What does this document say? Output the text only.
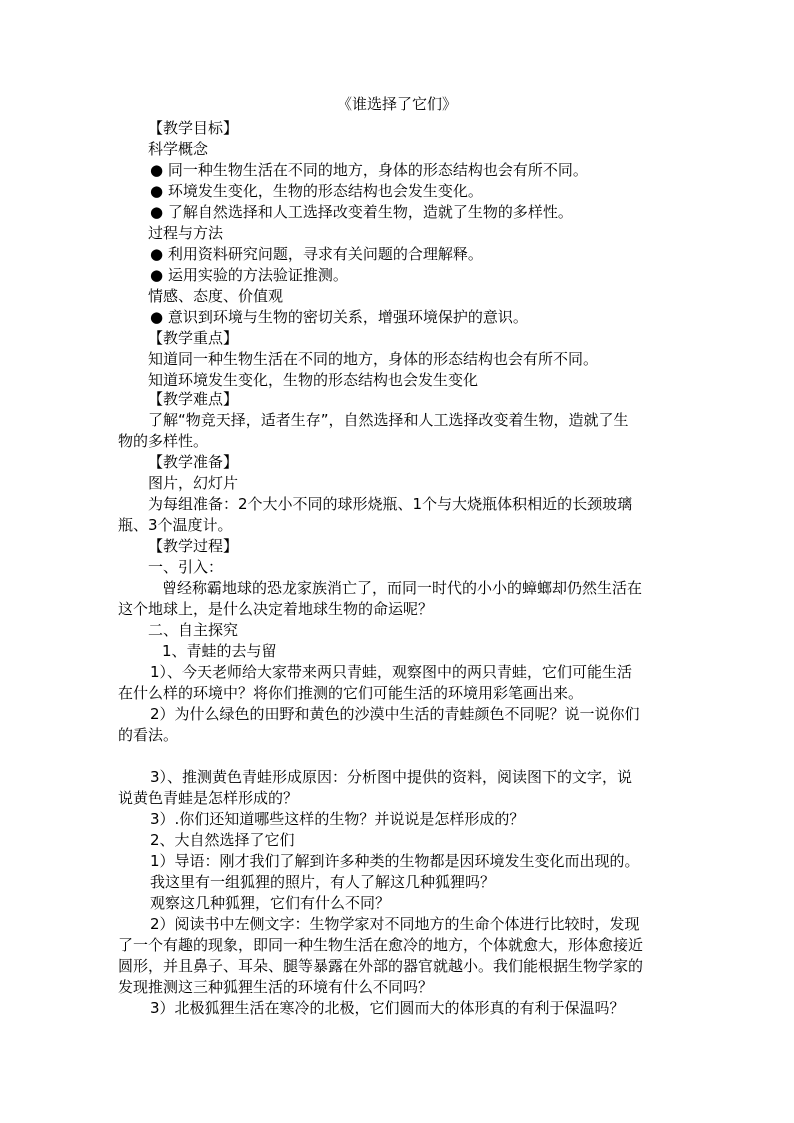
《谁选择了它们》
【教学目标】
科学概念
● 同一种生物生活在不同的地方，身体的形态结构也会有所不同。
● 环境发生变化，生物的形态结构也会发生变化。
● 了解自然选择和人工选择改变着生物，造就了生物的多样性。
过程与方法
● 利用资料研究问题，寻求有关问题的合理解释。
● 运用实验的方法验证推测。
情感、态度、价值观
● 意识到环境与生物的密切关系，增强环境保护的意识。
【教学重点】
知道同一种生物生活在不同的地方，身体的形态结构也会有所不同。
知道环境发生变化，生物的形态结构也会发生变化
【教学难点】
了解“物竞天择，适者生存”，自然选择和人工选择改变着生物，造就了生
物的多样性。
【教学准备】
图片，幻灯片
为每组准备：2个大小不同的球形烧瓶、1个与大烧瓶体积相近的长颈玻璃
瓶、3个温度计。
【教学过程】
一、引入：
曾经称霸地球的恐龙家族消亡了，而同一时代的小小的蟑螂却仍然生活在
这个地球上，是什么决定着地球生物的命运呢？
二、自主探究
1、青蛙的去与留
1）、今天老师给大家带来两只青蛙，观察图中的两只青蛙，它们可能生活
在什么样的环境中？将你们推测的它们可能生活的环境用彩笔画出来。
2）为什么绿色的田野和黄色的沙漠中生活的青蛙颜色不同呢？说一说你们
的看法。
3）、推测黄色青蛙形成原因：分析图中提供的资料，阅读图下的文字，说
说黄色青蛙是怎样形成的？
3）.你们还知道哪些这样的生物？并说说是怎样形成的？
2、大自然选择了它们
1）导语：刚才我们了解到许多种类的生物都是因环境发生变化而出现的。
我这里有一组狐狸的照片，有人了解这几种狐狸吗？
观察这几种狐狸，它们有什么不同？
2）阅读书中左侧文字：生物学家对不同地方的生命个体进行比较时，发现
了一个有趣的现象，即同一种生物生活在愈冷的地方，个体就愈大，形体愈接近
圆形，并且鼻子、耳朵、腿等暴露在外部的器官就越小。我们能根据生物学家的
发现推测这三种狐狸生活的环境有什么不同吗？
3）北极狐狸生活在寒冷的北极，它们圆而大的体形真的有利于保温吗？
